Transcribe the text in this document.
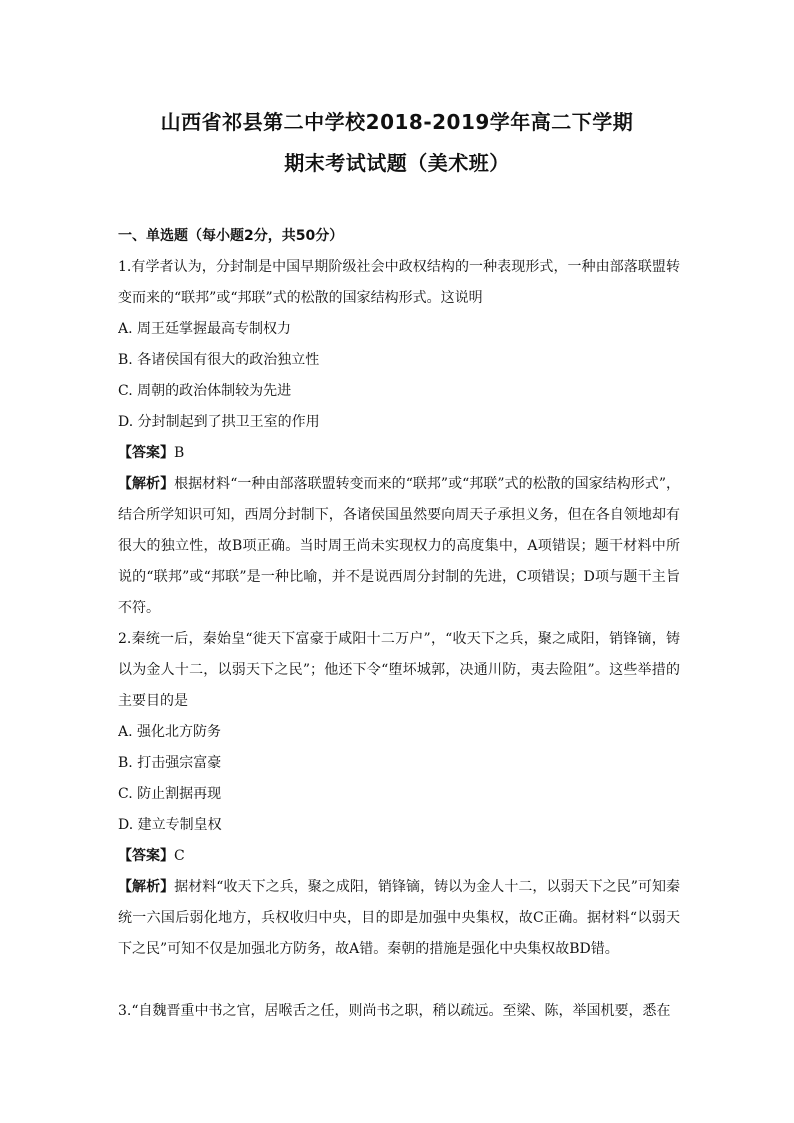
山西省祁县第二中学校2018-2019学年高二下学期
期末考试试题（美术班）
一、单选题（每小题2分，共50分）
1.有学者认为，分封制是中国早期阶级社会中政权结构的一种表现形式，一种由部落联盟转变而来的“联邦”或“邦联”式的松散的国家结构形式。这说明
A. 周王廷掌握最高专制权力
B. 各诸侯国有很大的政治独立性
C. 周朝的政治体制较为先进
D. 分封制起到了拱卫王室的作用
【答案】B
【解析】根据材料“一种由部落联盟转变而来的“联邦”或“邦联”式的松散的国家结构形式”，结合所学知识可知，西周分封制下，各诸侯国虽然要向周天子承担义务，但在各自领地却有很大的独立性，故B项正确。当时周王尚未实现权力的高度集中，A项错误；题干材料中所说的“联邦”或“邦联”是一种比喻，并不是说西周分封制的先进，C项错误；D项与题干主旨不符。
2.秦统一后，秦始皇“徙天下富豪于咸阳十二万户”，“收天下之兵，聚之咸阳，销锋镝，铸以为金人十二，以弱天下之民”；他还下令“堕坏城郭，决通川防，夷去险阻”。这些举措的主要目的是
A. 强化北方防务
B. 打击强宗富豪
C. 防止割据再现
D. 建立专制皇权
【答案】C
【解析】据材料“收天下之兵，聚之成阳，销锋镝，铸以为金人十二，以弱天下之民”可知秦统一六国后弱化地方，兵权收归中央，目的即是加强中央集权，故C正确。据材料“以弱天下之民”可知不仅是加强北方防务，故A错。秦朝的措施是强化中央集权故BD错。
3.“自魏晋重中书之官，居喉舌之任，则尚书之职，稍以疏远。至梁、陈，举国机要，悉在
